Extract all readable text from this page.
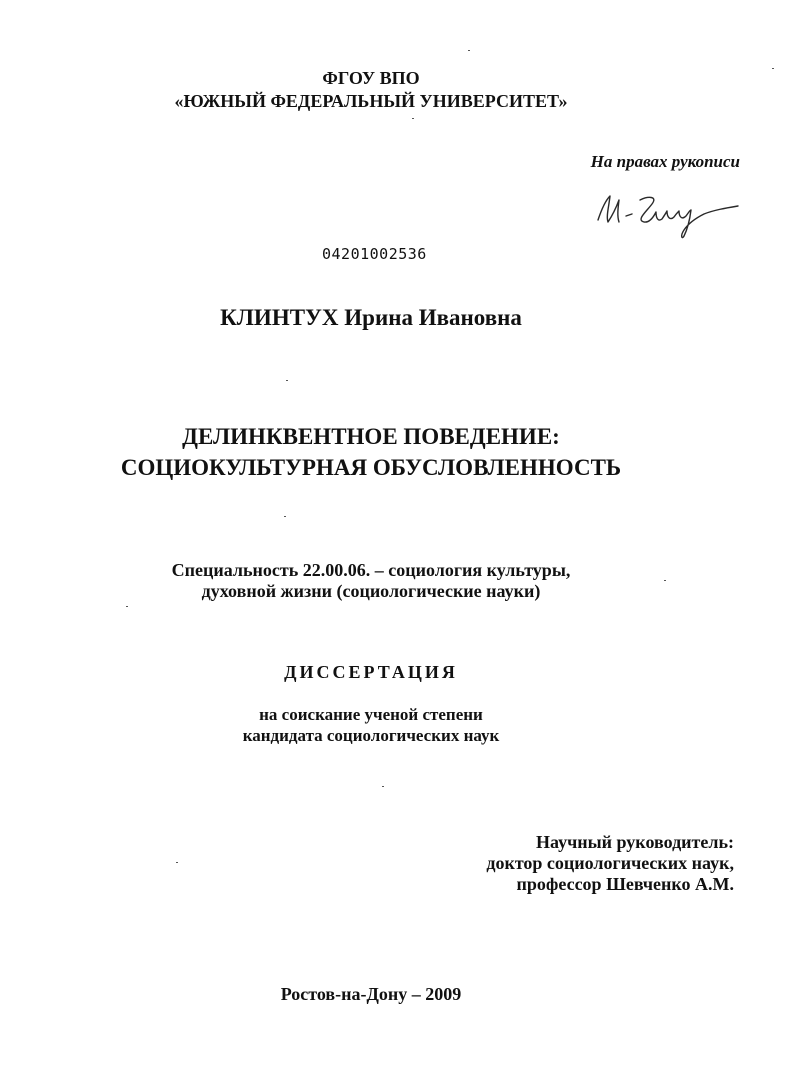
ФГОУ ВПО
«ЮЖНЫЙ ФЕДЕРАЛЬНЫЙ УНИВЕРСИТЕТ»
На правах рукописи
04201002536
КЛИНТУХ Ирина Ивановна
ДЕЛИНКВЕНТНОЕ ПОВЕДЕНИЕ:
СОЦИОКУЛЬТУРНАЯ ОБУСЛОВЛЕННОСТЬ
Специальность 22.00.06. – социология культуры,
духовной жизни (социологические науки)
ДИССЕРТАЦИЯ
на соискание ученой степени
кандидата социологических наук
Научный руководитель:
доктор социологических наук,
профессор Шевченко А.М.
Ростов-на-Дону – 2009
